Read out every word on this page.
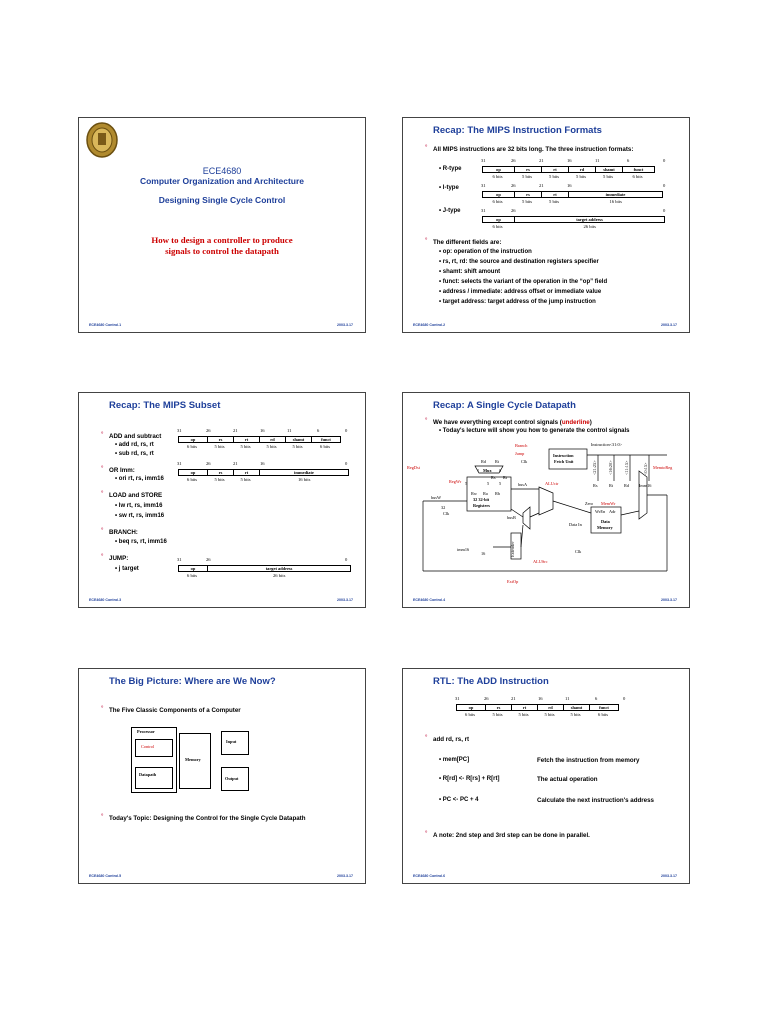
ECE4680
Computer Organization and Architecture
Designing Single Cycle Control
How to design a controller to produce
signals to control the datapath
ECE4680 Control.1	2003.3.17
Recap: The MIPS Instruction Formats
° All MIPS instructions are 32 bits long. The three instruction formats:
• R-type
• I-type
• J-type
31	26	21	16	11	6	0
op	rs	rt	rd	shamt	funct
6 bits	5 bits	5 bits	5 bits	5 bits	6 bits
31	26	21	16	0
op	rs	rt	immediate
6 bits	5 bits	5 bits	16 bits
31	26	0
op	target address
6 bits	26 bits
° The different fields are:
• op: operation of the instruction
• rs, rt, rd: the source and destination registers specifier
• shamt: shift amount
• funct: selects the variant of the operation in the “op” field
• address / immediate: address offset or immediate value
• target address: target address of the jump instruction
ECE4680 Control.2	2003.3.17
Recap: The MIPS Subset
° ADD and subtract
• add rd, rs, rt
• sub rd, rs, rt
° OR Imm:
• ori rt, rs, imm16
° LOAD and STORE
• lw rt, rs, imm16
• sw rt, rs, imm16
° BRANCH:
• beq rs, rt, imm16
° JUMP:
• j target
31	26	21	16	11	6	0
op	rs	rt	rd	shamt	funct
6 bits	5 bits	5 bits	5 bits	5 bits	6 bits
31	26	21	16	0
op	rs	rt	immediate
6 bits	5 bits	5 bits	16 bits
31	26	0
op	target address
6 bits	26 bits
ECE4680 Control.3	2003.3.17
Recap: A Single Cycle Datapath
° We have everything except control signals (underline)
• Today's lecture will show you how to generate the control signals
Instruction<31:0>
Instruction
Fetch Unit
Branch
Jump
Clk
RegDst
RegWr
Rd Rt
Mux
1	0
Rs Rt
5	5 5
Rw Ra Rb
32 32-bit
Registers
busW
busA
busB
32
Clk
ALUctr
Zero MemWr
MemtoReg
ALUSrc
ExtOp
imm16
16	Extender
Data In
WrEn Adr
Data
Memory
Clk
Rs	Rt	Rd Imm16
<21:25>	<16:20>	<11:15>	<0:15>
ECE4680 Control.4	2003.3.17
The Big Picture: Where are We Now?
° The Five Classic Components of a Computer
Processor
Control
Datapath
Memory
Input
Output
° Today's Topic: Designing the Control for the Single Cycle Datapath
ECE4680 Control.5	2003.3.17
RTL: The ADD Instruction
31	26	21	16	11	6	0
op	rs	rt	rd	shamt	funct
6 bits	5 bits	5 bits	5 bits	5 bits	6 bits
° add rd, rs, rt
• mem[PC]	Fetch the instruction from memory
• R[rd] <- R[rs] + R[rt]	The actual operation
• PC <- PC + 4	Calculate the next instruction's address
° A note: 2nd step and 3rd step can be done in parallel.
ECE4680 Control.6	2003.3.17
